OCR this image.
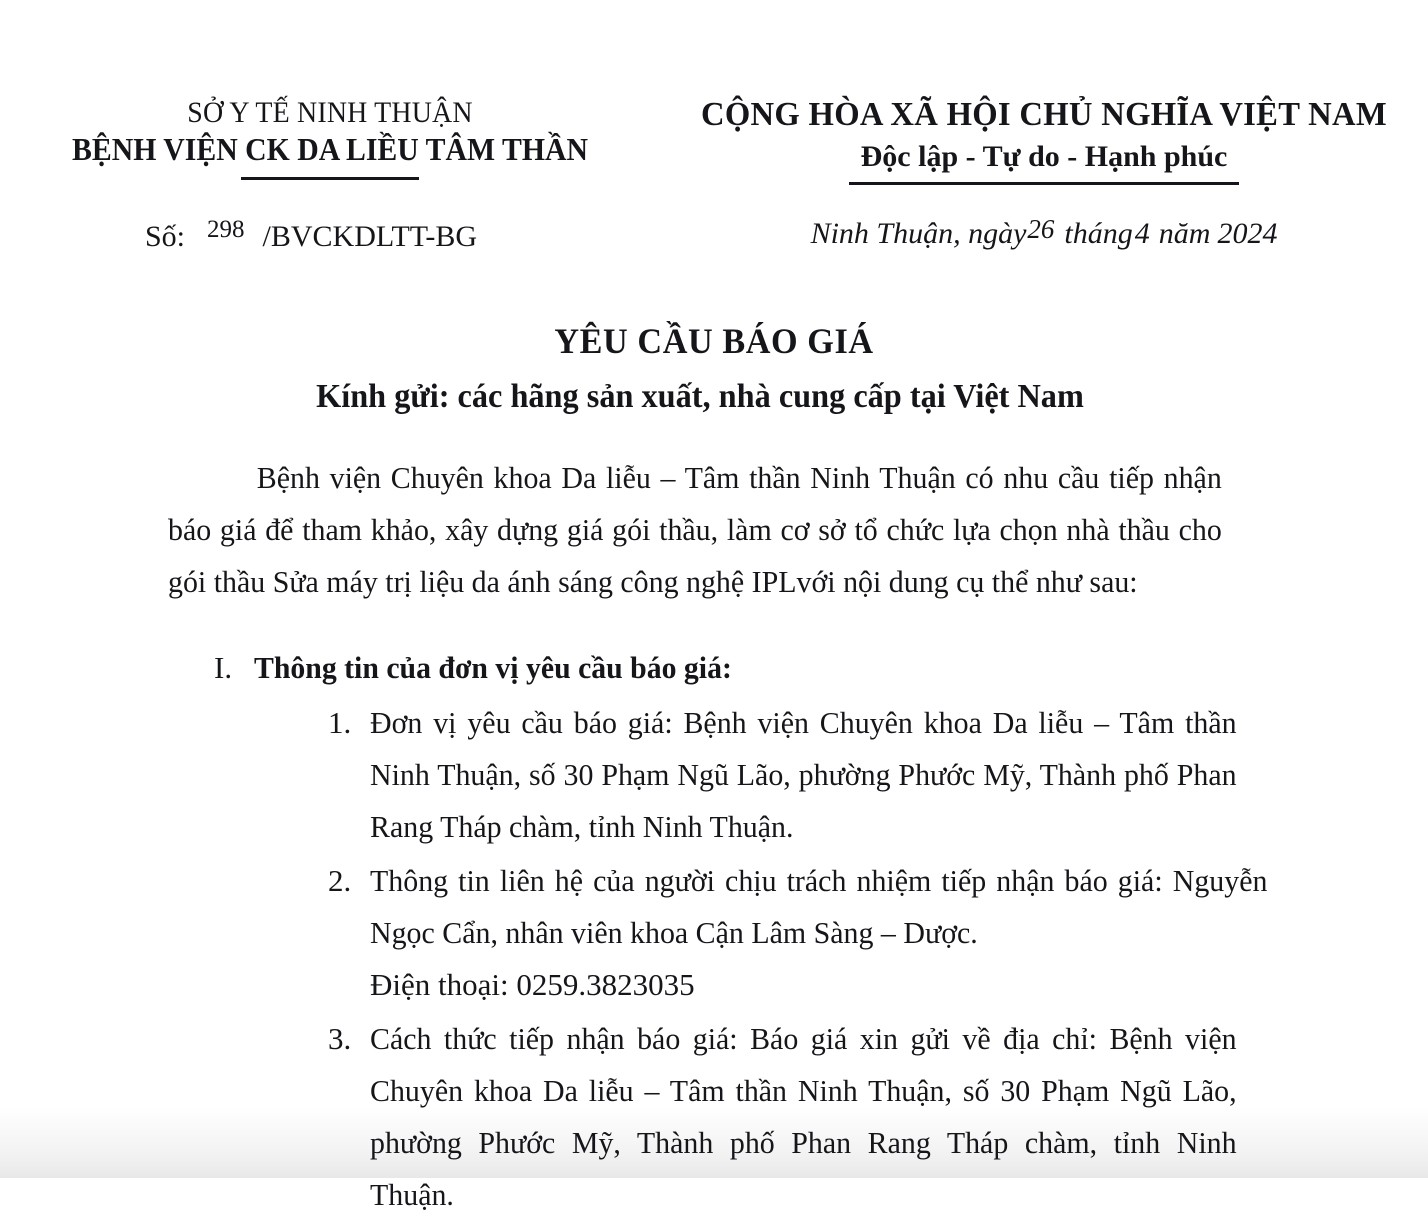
SỞ Y TẾ NINH THUẬN
BỆNH VIỆN CK DA LIỀU TÂM THẦN
CỘNG HÒA XÃ HỘI CHỦ NGHĨA VIỆT NAM
Độc lập - Tự do - Hạnh phúc
Số: 298 /BVCKDLTT-BG	Ninh Thuận, ngày26 tháng4 năm 2024
YÊU CẦU BÁO GIÁ
Kính gửi: các hãng sản xuất, nhà cung cấp tại Việt Nam
Bệnh viện Chuyên khoa Da liễu – Tâm thần Ninh Thuận có nhu cầu tiếp nhận báo giá để tham khảo, xây dựng giá gói thầu, làm cơ sở tổ chức lựa chọn nhà thầu cho gói thầu Sửa máy trị liệu da ánh sáng công nghệ IPLvới nội dung cụ thể như sau:
I. Thông tin của đơn vị yêu cầu báo giá:
1. Đơn vị yêu cầu báo giá: Bệnh viện Chuyên khoa Da liễu – Tâm thần Ninh Thuận, số 30 Phạm Ngũ Lão, phường Phước Mỹ, Thành phố Phan Rang Tháp chàm, tỉnh Ninh Thuận.
2. Thông tin liên hệ của người chịu trách nhiệm tiếp nhận báo giá: Nguyễn Ngọc Cẩn, nhân viên khoa Cận Lâm Sàng – Dược.
Điện thoại: 0259.3823035
3. Cách thức tiếp nhận báo giá: Báo giá xin gửi về địa chỉ: Bệnh viện Chuyên khoa Da liễu – Tâm thần Ninh Thuận, số 30 Phạm Ngũ Lão, phường Phước Mỹ, Thành phố Phan Rang Tháp chàm, tỉnh Ninh Thuận.
